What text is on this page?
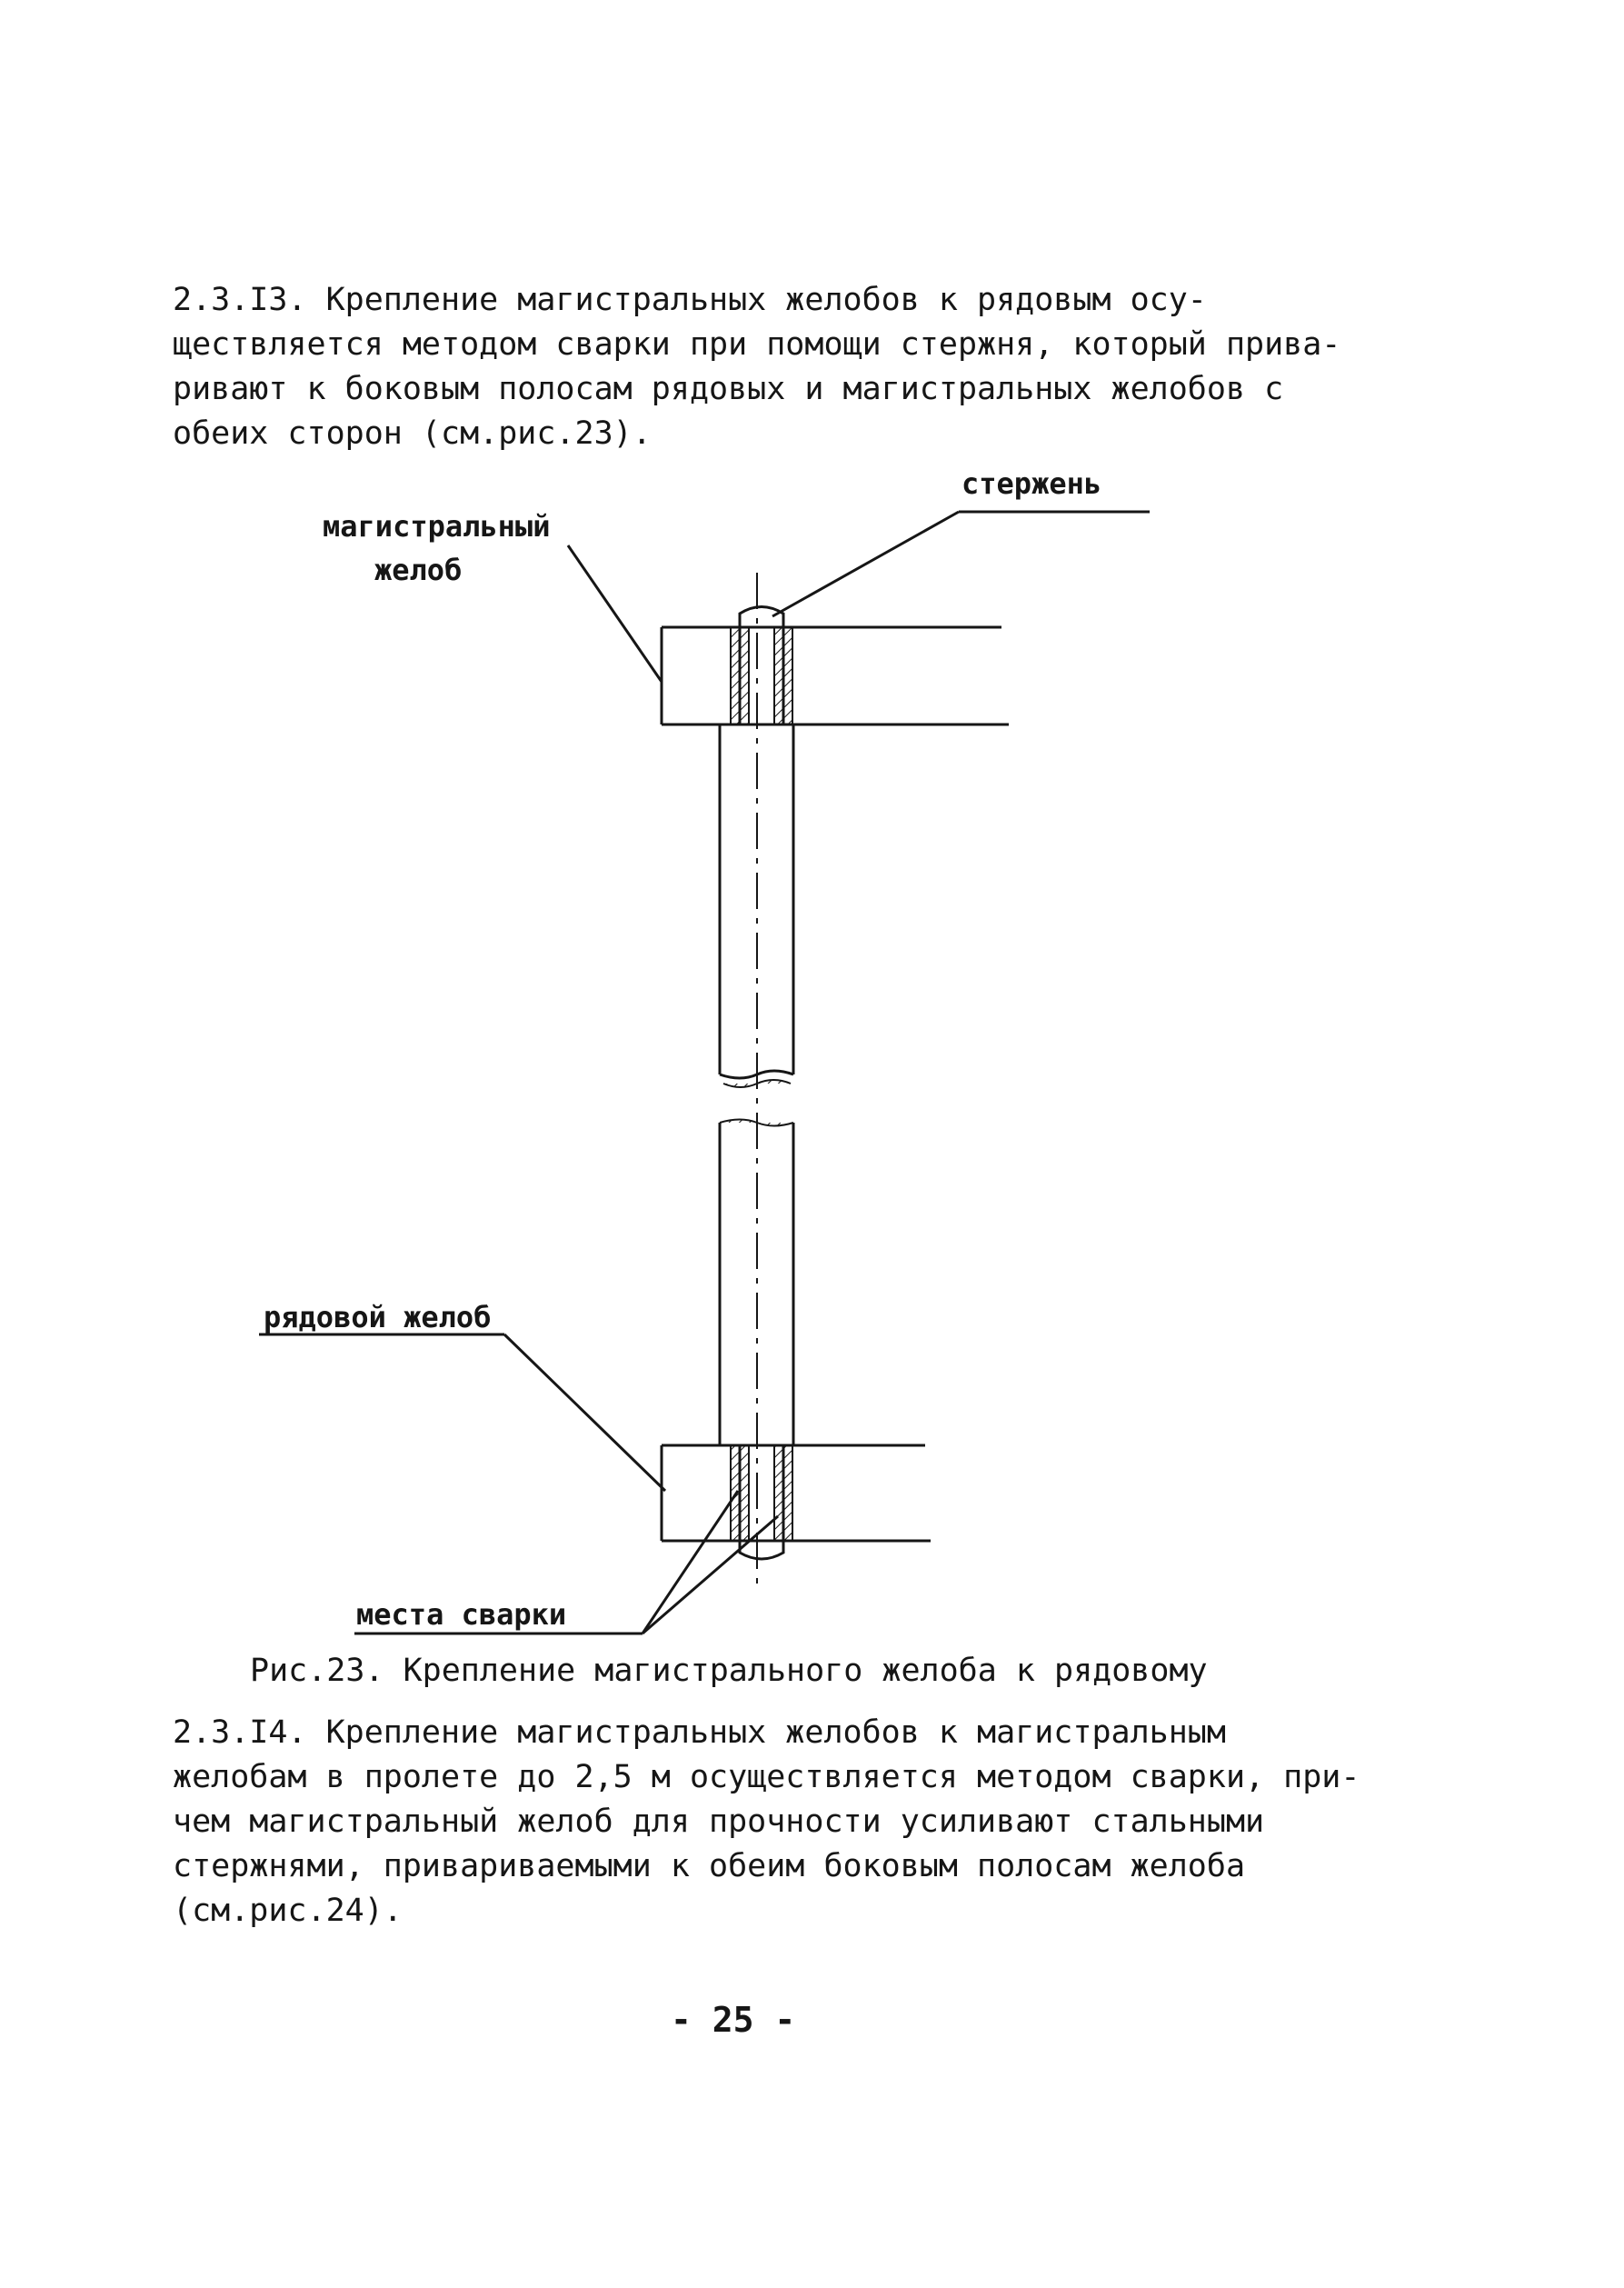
2.3.I3. Крепление магистральных желобов к рядовым осу-
ществляется методом сварки при помощи стержня, который прива-
ривают к боковым полосам рядовых и магистральных желобов с
обеих сторон (см.рис.23).
стержень
магистральный
желоб
рядовой желоб
места сварки

Рис.23. Крепление магистрального желоба к рядовому

2.3.I4. Крепление магистральных желобов к магистральным
желобам в пролете до 2,5 м осуществляется методом сварки, при-
чем магистральный желоб для прочности усиливают стальными
стержнями, привариваемыми к обеим боковым полосам желоба
(см.рис.24).
- 25 -
